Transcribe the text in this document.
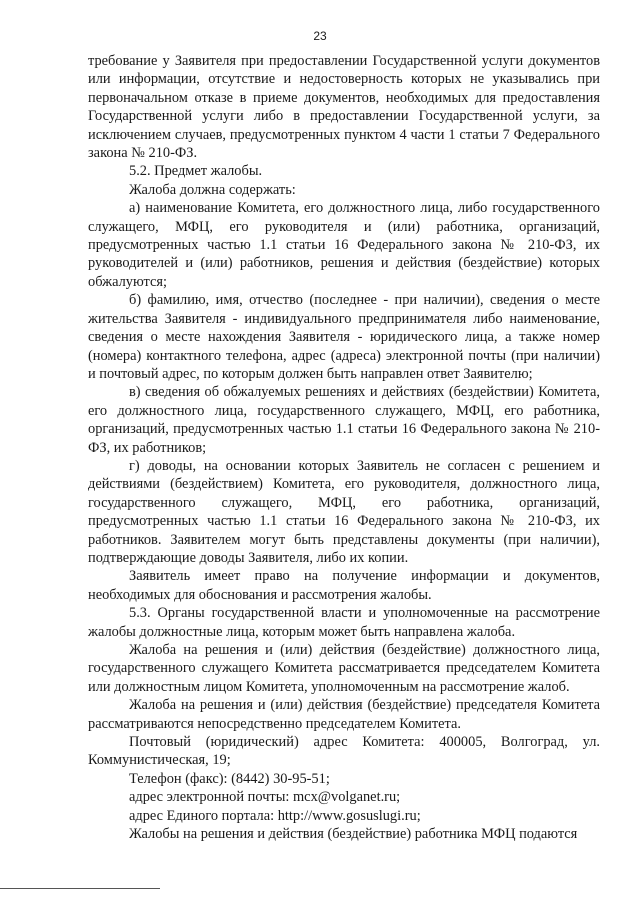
23

требование у Заявителя при предоставлении Государственной услуги документов или информации, отсутствие и недостоверность которых не указывались при первоначальном отказе в приеме документов, необходимых для предоставления Государственной услуги либо в предоставлении Государственной услуги, за исключением случаев, предусмотренных пунктом 4 части 1 статьи 7 Федерального закона № 210-ФЗ.

5.2. Предмет жалобы.

Жалоба должна содержать:

а) наименование Комитета, его должностного лица, либо государственного служащего, МФЦ, его руководителя и (или) работника, организаций, предусмотренных частью 1.1 статьи 16 Федерального закона № 210-ФЗ, их руководителей и (или) работников, решения и действия (бездействие) которых обжалуются;

б) фамилию, имя, отчество (последнее - при наличии), сведения о месте жительства Заявителя - индивидуального предпринимателя либо наименование, сведения о месте нахождения Заявителя - юридического лица, а также номер (номера) контактного телефона, адрес (адреса) электронной почты (при наличии) и почтовый адрес, по которым должен быть направлен ответ Заявителю;

в) сведения об обжалуемых решениях и действиях (бездействии) Комитета, его должностного лица, государственного служащего, МФЦ, его работника, организаций, предусмотренных частью 1.1 статьи 16 Федерального закона № 210-ФЗ, их работников;

г) доводы, на основании которых Заявитель не согласен с решением и действиями (бездействием) Комитета, его руководителя, должностного лица, государственного служащего, МФЦ, его работника, организаций, предусмотренных частью 1.1 статьи 16 Федерального закона № 210-ФЗ, их работников. Заявителем могут быть представлены документы (при наличии), подтверждающие доводы Заявителя, либо их копии.

Заявитель имеет право на получение информации и документов, необходимых для обоснования и рассмотрения жалобы.

5.3. Органы государственной власти и уполномоченные на рассмотрение жалобы должностные лица, которым может быть направлена жалоба.

Жалоба на решения и (или) действия (бездействие) должностного лица, государственного служащего Комитета рассматривается председателем Комитета или должностным лицом Комитета, уполномоченным на рассмотрение жалоб.

Жалоба на решения и (или) действия (бездействие) председателя Комитета рассматриваются непосредственно председателем Комитета.

Почтовый (юридический) адрес Комитета: 400005, Волгоград, ул. Коммунистическая, 19;

Телефон (факс): (8442) 30-95-51;

адрес электронной почты: mcx@volganet.ru;

адрес Единого портала: http://www.gosuslugi.ru;

Жалобы на решения и действия (бездействие) работника МФЦ подаются
